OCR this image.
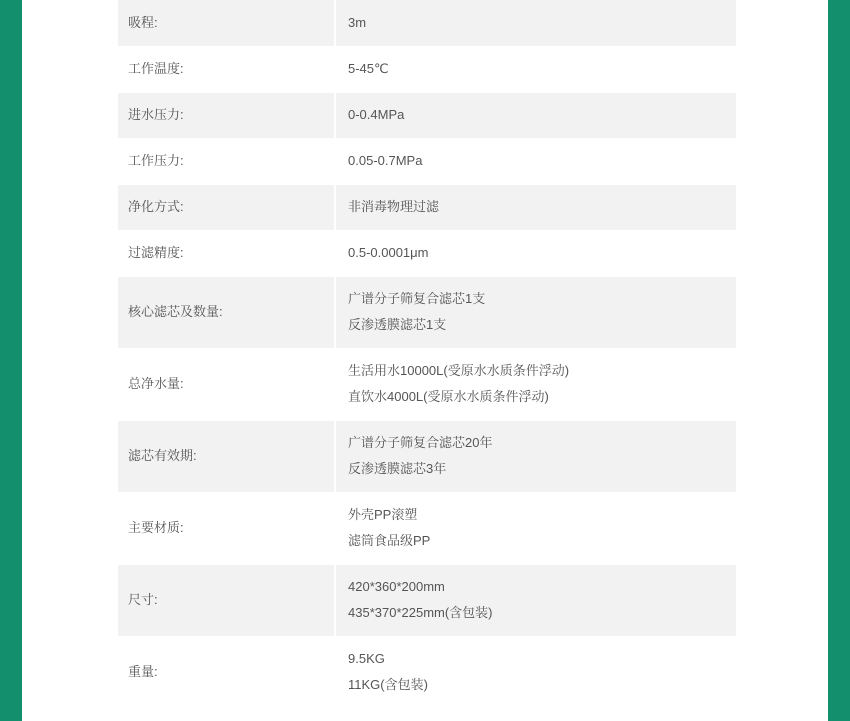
吸程:	3m

工作温度:	5-45℃

进水压力:	0-0.4MPa

工作压力:	0.05-0.7MPa

净化方式:	非消毒物理过滤

过滤精度:	0.5-0.0001μm

核心滤芯及数量:	广谱分子筛复合滤芯1支
反渗透膜滤芯1支

总净水量:	生活用水10000L(受原水水质条件浮动)
直饮水4000L(受原水水质条件浮动)

滤芯有效期:	广谱分子筛复合滤芯20年
反渗透膜滤芯3年

主要材质:	外壳PP滚塑
滤筒食品级PP

尺寸:	420*360*200mm
435*370*225mm(含包装)

重量:	9.5KG
11KG(含包装)
